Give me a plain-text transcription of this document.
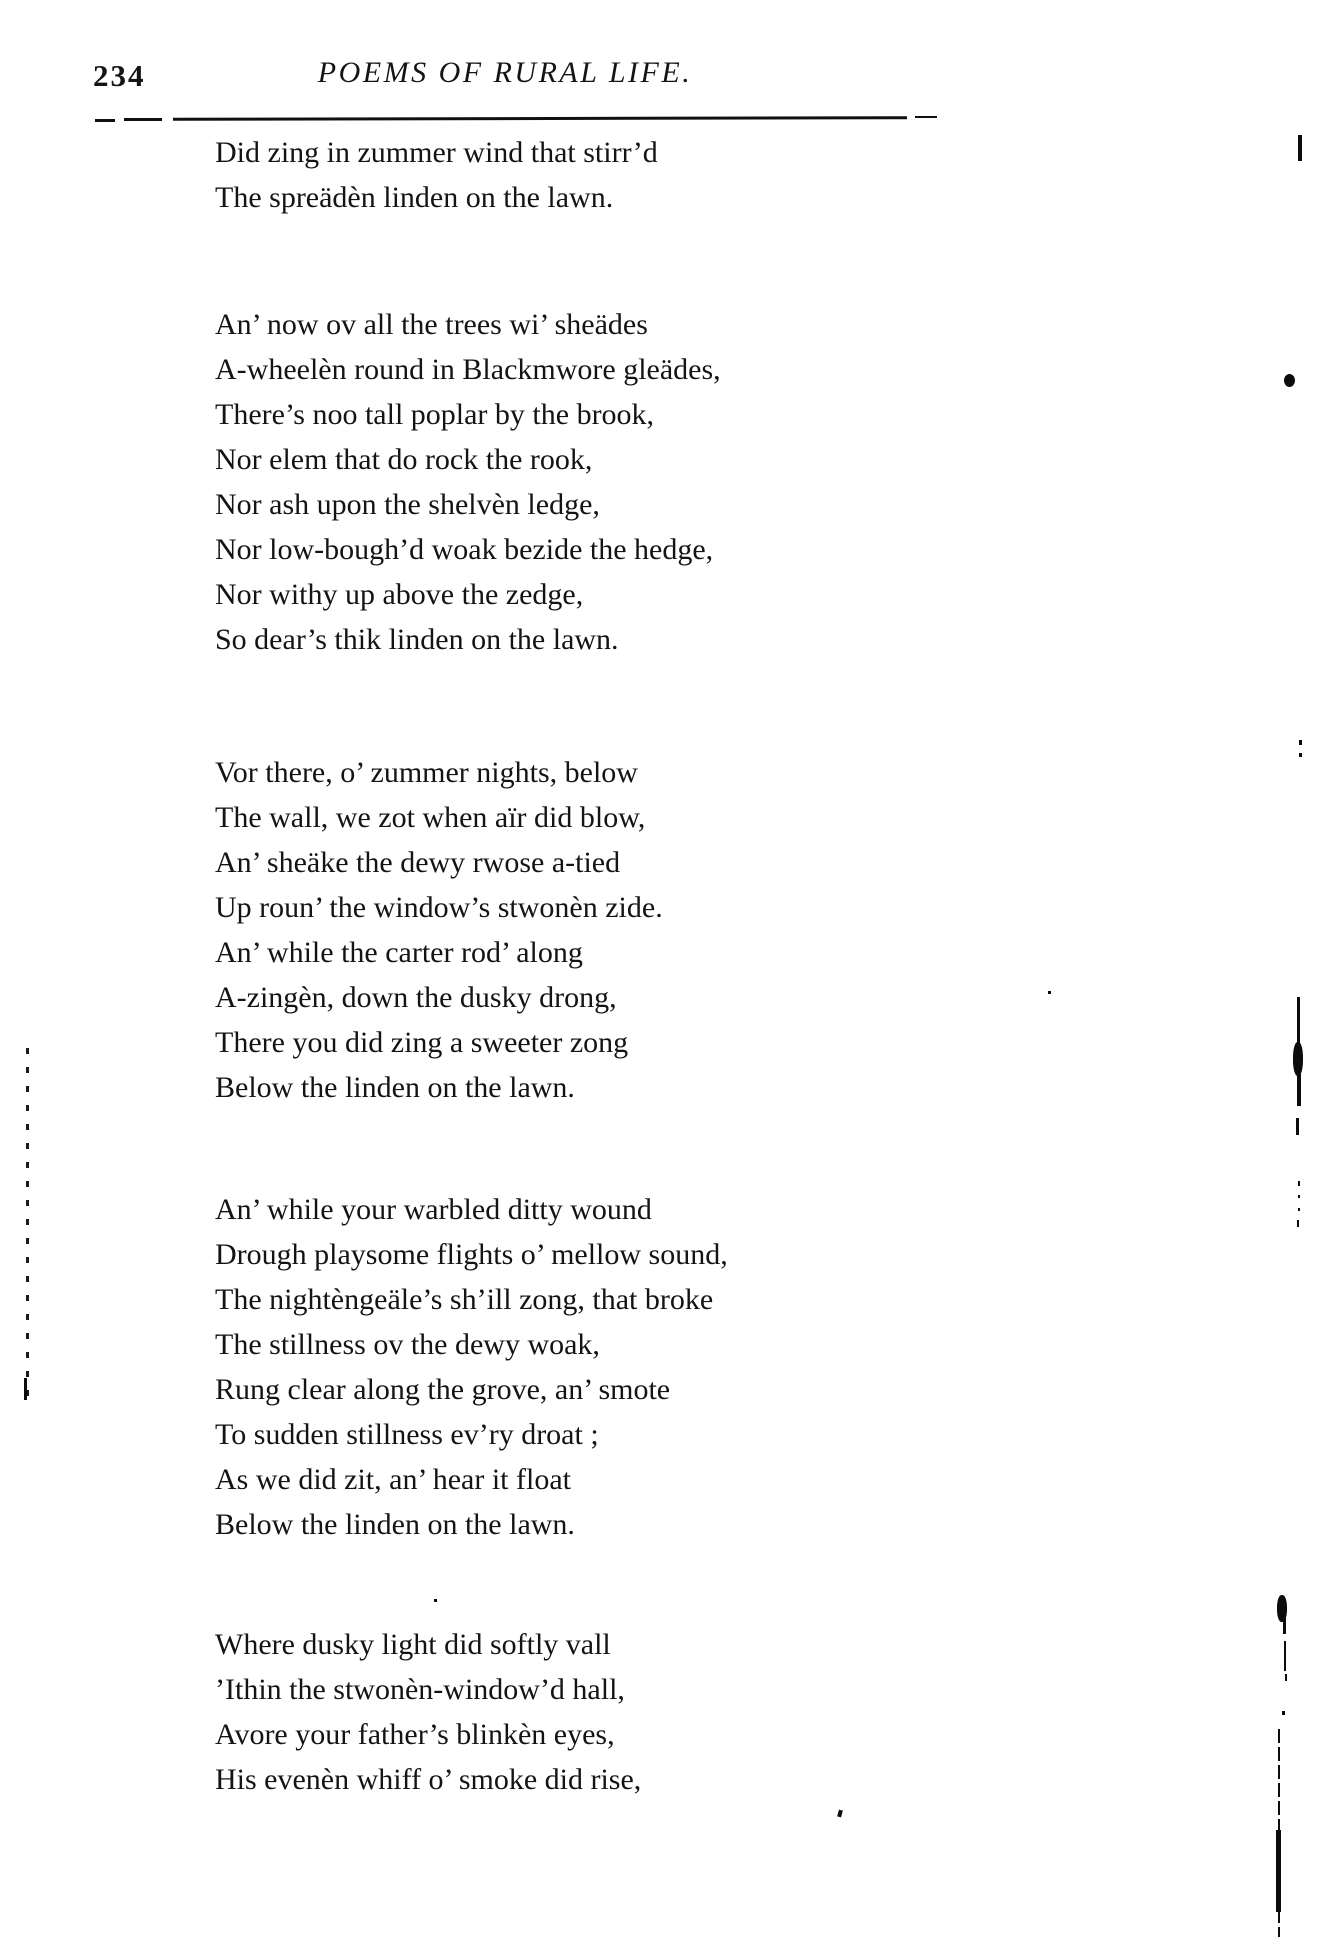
234	POEMS OF RURAL LIFE.
Did zing in zummer wind that stirr’d
The spreädèn linden on the lawn.
An’ now ov all the trees wi’ sheädes
A-wheelèn round in Blackmwore gleädes,
There’s noo tall poplar by the brook,
Nor elem that do rock the rook,
Nor ash upon the shelvèn ledge,
Nor low-bough’d woak bezide the hedge,
Nor withy up above the zedge,
So dear’s thik linden on the lawn.
Vor there, o’ zummer nights, below
The wall, we zot when aïr did blow,
An’ sheäke the dewy rwose a-tied
Up roun’ the window’s stwonèn zide.
An’ while the carter rod’ along
A-zingèn, down the dusky drong,
There you did zing a sweeter zong
Below the linden on the lawn.
An’ while your warbled ditty wound
Drough playsome flights o’ mellow sound,
The nightèngeäle’s sh’ill zong, that broke
The stillness ov the dewy woak,
Rung clear along the grove, an’ smote
To sudden stillness ev’ry droat ;
As we did zit, an’ hear it float
Below the linden on the lawn.
Where dusky light did softly vall
’Ithin the stwonèn-window’d hall,
Avore your father’s blinkèn eyes,
His evenèn whiff o’ smoke did rise,
